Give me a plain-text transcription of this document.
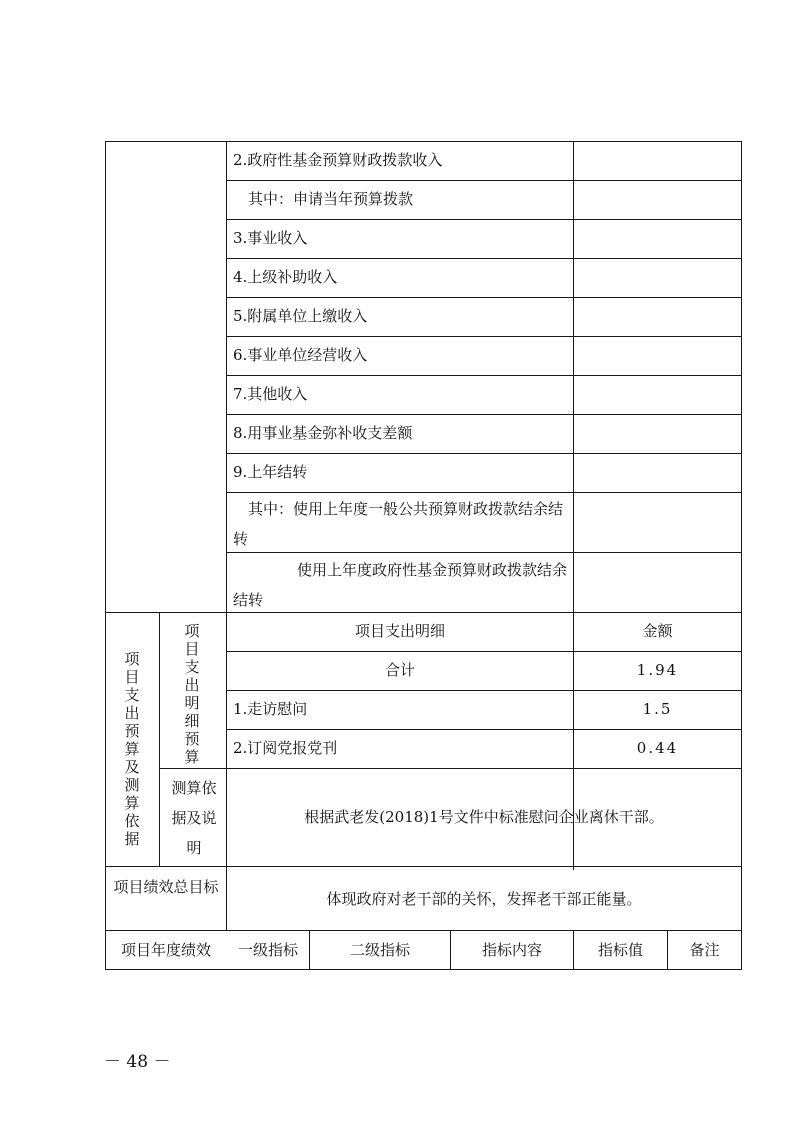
2.政府性基金预算财政拨款收入
其中：申请当年预算拨款
3.事业收入
4.上级补助收入
5.附属单位上缴收入
6.事业单位经营收入
7.其他收入
8.用事业基金弥补收支差额
9.上年结转
其中：使用上年度一般公共预算财政拨款结余结转
使用上年度政府性基金预算财政拨款结余结转
项目支出预算及测算依据
项目支出明细预算
项目支出明细	金额
合计	1.94
1.走访慰问	1.5
2.订阅党报党刊	0.44
测算依据及说明
根据武老发(2018)1号文件中标准慰问企业离休干部。
项目绩效总目标
体现政府对老干部的关怀，发挥老干部正能量。
项目年度绩效	一级指标	二级指标	指标内容	指标值	备注
－ 48 －
